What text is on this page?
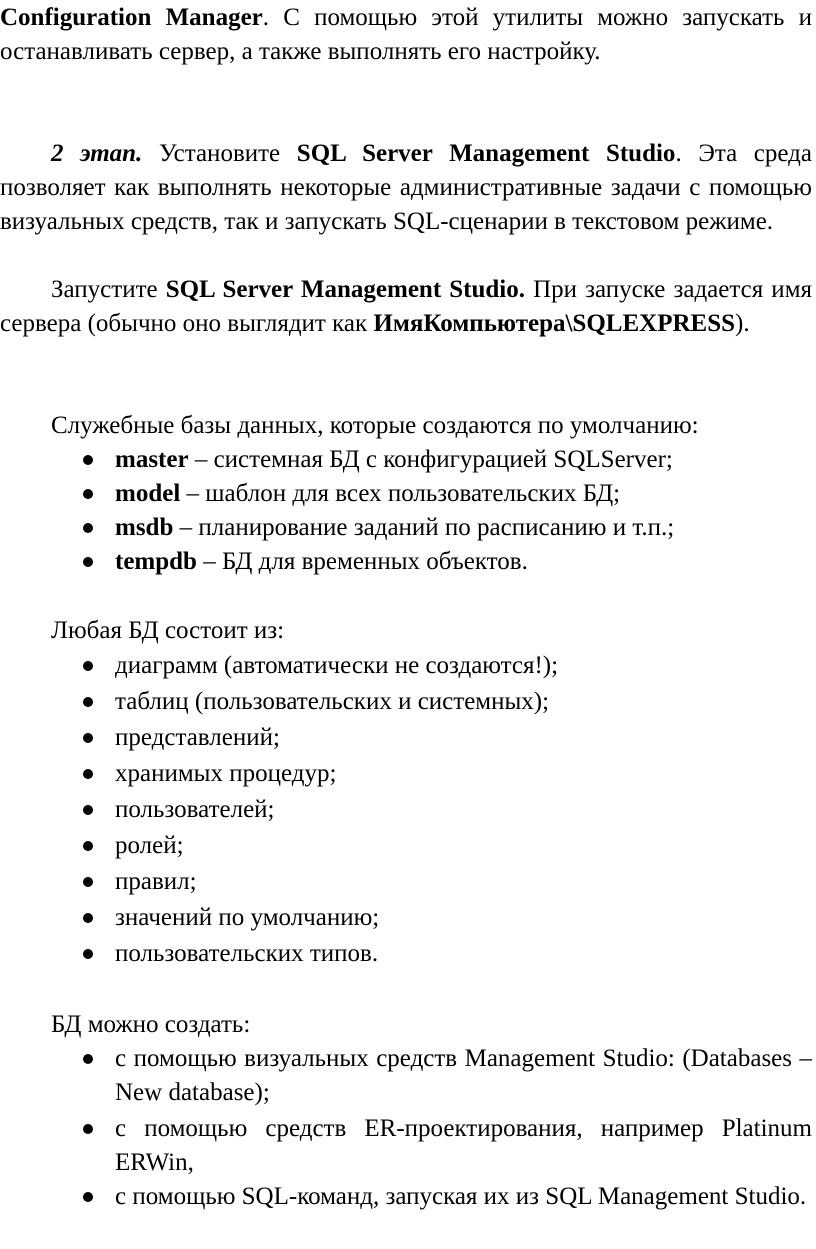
Configuration Manager. С помощью этой утилиты можно запускать и останавливать сервер, а также выполнять его настройку.
2 этап. Установите SQL Server Management Studio. Эта среда позволяет как выполнять некоторые административные задачи с помощью визуальных средств, так и запускать SQL-сценарии в текстовом режиме.
Запустите SQL Server Management Studio. При запуске задается имя сервера (обычно оно выглядит как ИмяКомпьютера\SQLEXPRESS).
Служебные базы данных, которые создаются по умолчанию:
master – системная БД с конфигурацией SQLServer;
model – шаблон для всех пользовательских БД;
msdb – планирование заданий по расписанию и т.п.;
tempdb – БД для временных объектов.
Любая БД состоит из:
диаграмм (автоматически не создаются!);
таблиц (пользовательских и системных);
представлений;
хранимых процедур;
пользователей;
ролей;
правил;
значений по умолчанию;
пользовательских типов.
БД можно создать:
с помощью визуальных средств Management Studio: (Databases – New database);
с помощью средств ER-проектирования, например Platinum ERWin,
с помощью SQL-команд, запуская их из SQL Management Studio.
